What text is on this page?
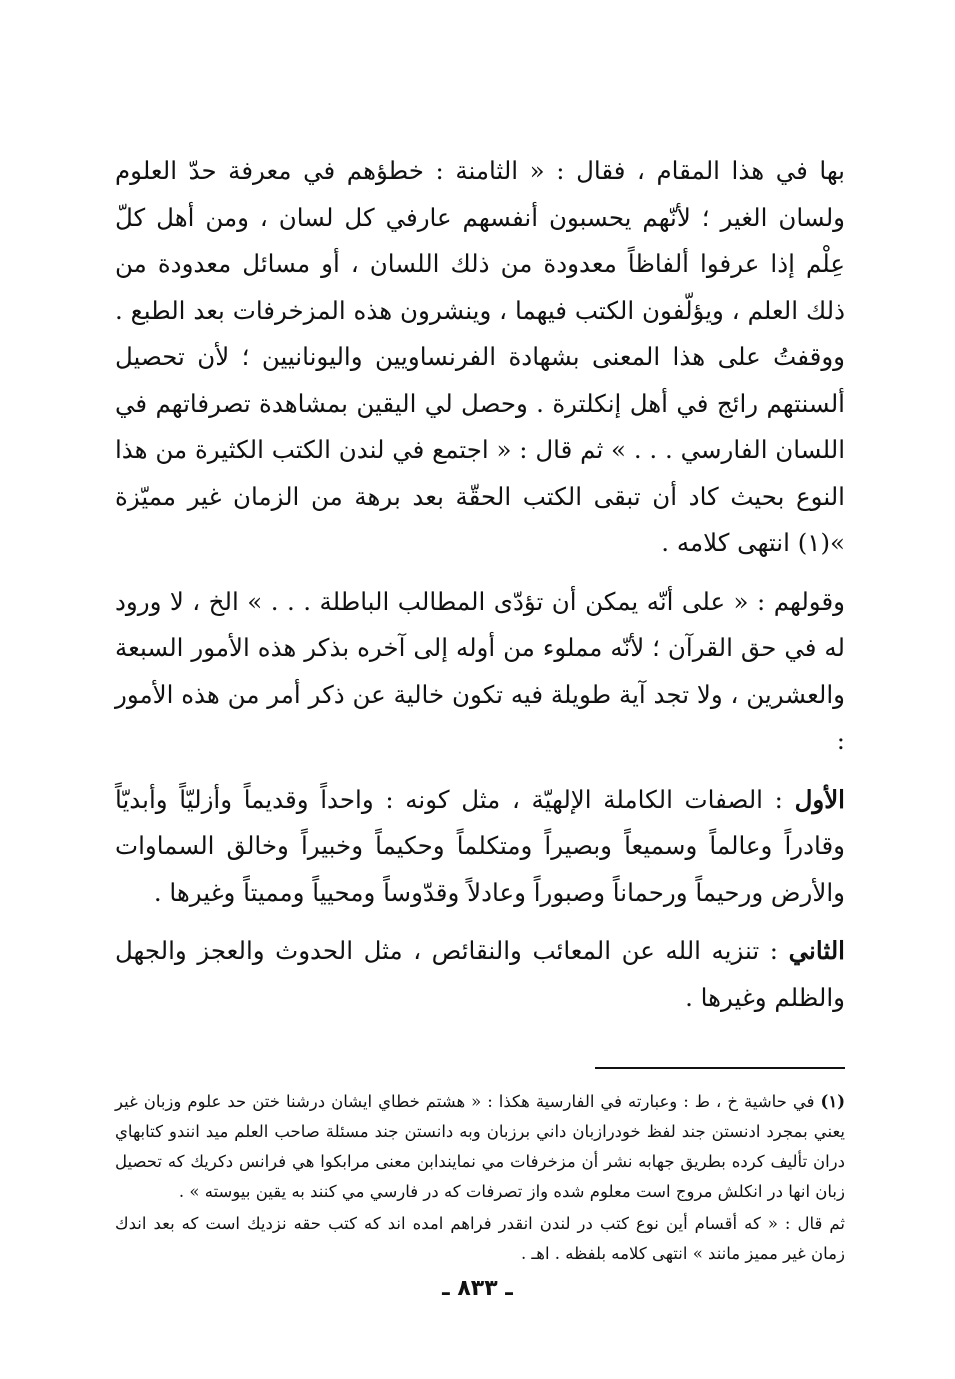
بها في هذا المقام ، فقال : « الثامنة : خطؤهم في معرفة حدّ العلوم ولسان الغير ؛ لأنّهم يحسبون أنفسهم عارفي كل لسان ، ومن أهل كلّ عِلْم إذا عرفوا ألفاظاً معدودة من ذلك اللسان ، أو مسائل معدودة من ذلك العلم ، ويؤلّفون الكتب فيهما ، وينشرون هذه المزخرفات بعد الطبع . ووقفتُ على هذا المعنى بشهادة الفرنساويين واليونانيين ؛ لأن تحصيل ألسنتهم رائج في أهل إنكلترة . وحصل لي اليقين بمشاهدة تصرفاتهم في اللسان الفارسي . . . » ثم قال : « اجتمع في لندن الكتب الكثيرة من هذا النوع بحيث كاد أن تبقى الكتب الحقّة بعد برهة من الزمان غير مميّزة »(١) انتهى كلامه .

وقولهم : « على أنّه يمكن أن تؤدّى المطالب الباطلة . . . » الخ ، لا ورود له في حق القرآن ؛ لأنّه مملوء من أوله إلى آخره بذكر هذه الأمور السبعة والعشرين ، ولا تجد آية طويلة فيه تكون خالية عن ذكر أمر من هذه الأمور :

الأول : الصفات الكاملة الإلهيّة ، مثل كونه : واحداً وقديماً وأزليّاً وأبديّاً وقادراً وعالماً وسميعاً وبصيراً ومتكلماً وحكيماً وخبيراً وخالق السماوات والأرض ورحيماً ورحماناً وصبوراً وعادلاً وقدّوساً ومحيياً ومميتاً وغيرها .

الثاني : تنزيه الله عن المعائب والنقائص ، مثل الحدوث والعجز والجهل والظلم وغيرها .

(١) في حاشية خ ، ط : وعبارته في الفارسية هكذا : « هشتم خطاي ايشان درشنا ختن حد علوم وزبان غير يعني بمجرد ادنستن جند لفظ خودرازبان داني برزبان وبه دانستن جند مسئلة صاحب العلم ميد انندو كتابهاي دران تأليف كرده بطريق جهابه نشر أن مزخرفات مي نمايندابن معنى مرابكوا هي فرانس دكريك كه تحصيل زبان انها در انكلش مروج است معلوم شده واز تصرفات كه در فارسي مي كنند به يقين بيوسته » .

ثم قال : « كه أقسام أين نوع كتب در لندن انقدر فراهم امده اند كه كتب حقه نزديك است كه بعد اندك زمان غير مميز مانند » انتهى كلامه بلفظه . اهـ .

ـ ٨٣٣ ـ
